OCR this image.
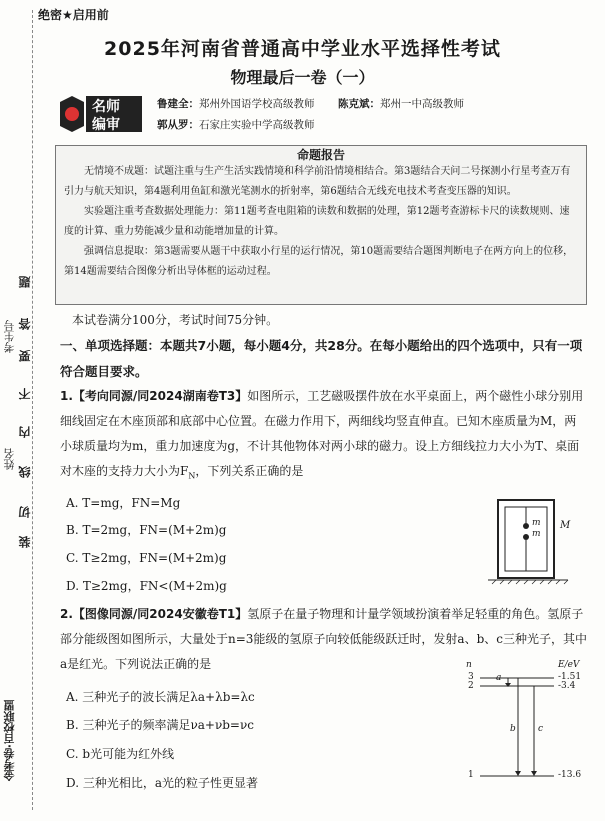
题
答
要
不
内
线
切
装
考生号
姓名
金考卷·百校联盟
绝密★启用前
2025年河南省普通高中学业水平选择性考试
物理最后一卷（一）
名师
编审
鲁建全：郑州外国语学校高级教师 陈克斌：郑州一中高级教师
郭从罗：石家庄实验中学高级教师
命题报告

无情境不成题：试题注重与生产生活实践情境和科学前沿情境相结合。第3题结合天问二号探测小行星考查万有引力与航天知识，第4题利用鱼缸和激光笔测水的折射率，第6题结合无线充电技术考查变压器的知识。

实验题注重考查数据处理能力：第11题考查电阻箱的读数和数据的处理，第12题考查游标卡尺的读数规则、速度的计算、重力势能减少量和动能增加量的计算。

强调信息提取：第3题需要从题干中获取小行星的运行情况，第10题需要结合题图判断电子在两方向上的位移，第14题需要结合图像分析出导体框的运动过程。

本试卷满分100分，考试时间75分钟。
一、单项选择题：本题共7小题，每小题4分，共28分。在每小题给出的四个选项中，只有一项符合题目要求。
1.【考向同源/同2024湖南卷T3】如图所示，工艺磁吸摆件放在水平桌面上，两个磁性小球分别用细线固定在木座顶部和底部中心位置。在磁力作用下，两细线均竖直伸直。已知木座质量为M，两小球质量均为m，重力加速度为g，不计其他物体对两小球的磁力。设上方细线拉力大小为T、桌面对木座的支持力大小为$F_N$，下列关系正确的是
A. T=mg，FN=Mg
B. T=2mg，FN=(M+2m)g
C. T≥2mg，FN=(M+2m)g
D. T≥2mg，FN<(M+2m)g
m
m
M
2.【图像同源/同2024安徽卷T1】氢原子在量子物理和计量学领域扮演着举足轻重的角色。氢原子部分能级图如图所示，大量处于n=3能级的氢原子向较低能级跃迁时，发射a、b、c三种光子，其中a是红光。下列说法正确的是
A. 三种光子的波长满足λa+λb=λc
B. 三种光子的频率满足νa+νb=νc
C. b光可能为红外线
D. 三种光相比，a光的粒子性更显著
n	E/eV
3	-1.51
2	-3.4
1	-13.6
a
b c
